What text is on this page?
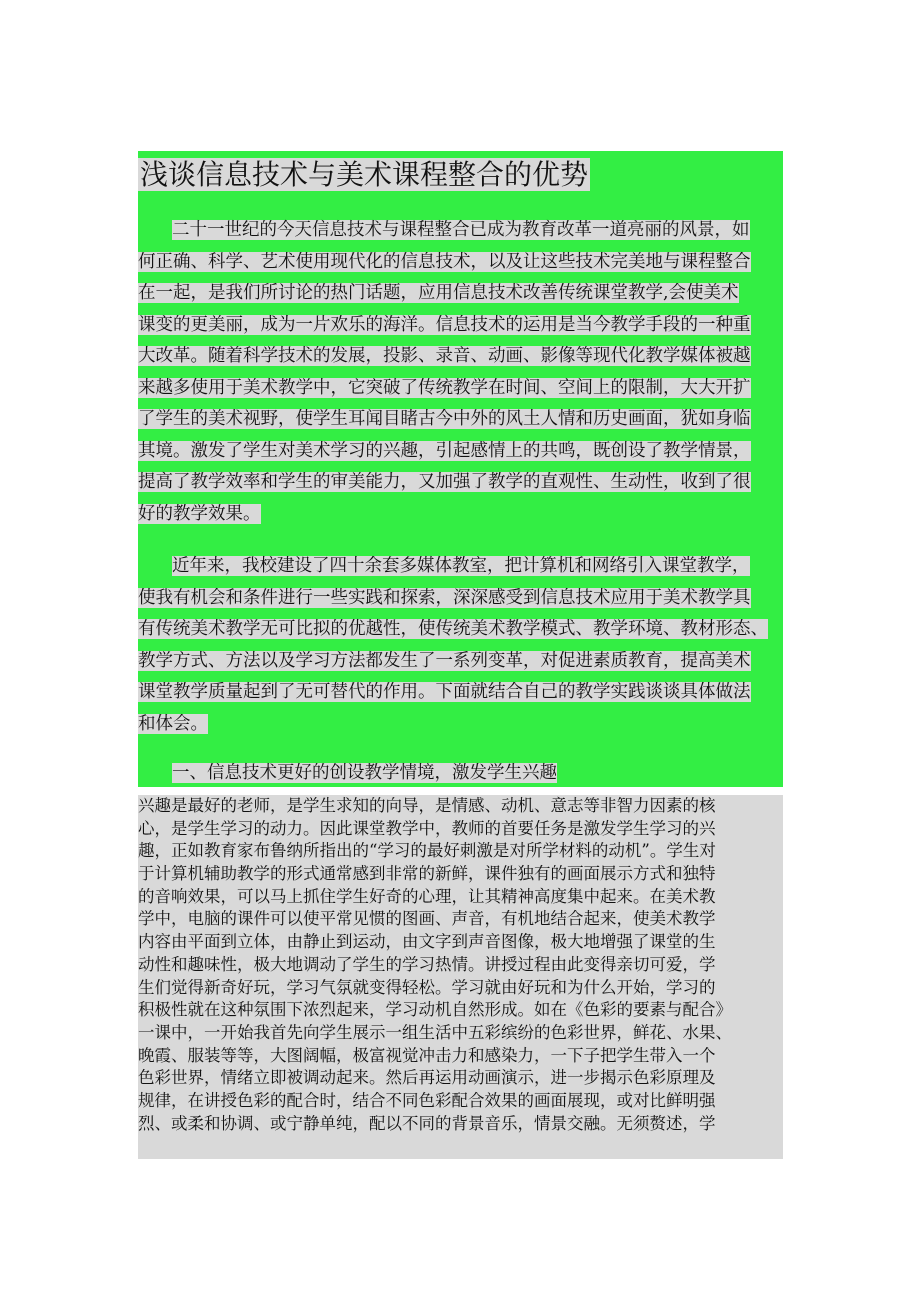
浅谈信息技术与美术课程整合的优势
二十一世纪的今天信息技术与课程整合已成为教育改革一道亮丽的风景，如
何正确、科学、艺术使用现代化的信息技术，以及让这些技术完美地与课程整合
在一起，是我们所讨论的热门话题，应用信息技术改善传统课堂教学,会使美术
课变的更美丽，成为一片欢乐的海洋。信息技术的运用是当今教学手段的一种重
大改革。随着科学技术的发展，投影、录音、动画、影像等现代化教学媒体被越
来越多使用于美术教学中，它突破了传统教学在时间、空间上的限制，大大开扩
了学生的美术视野，使学生耳闻目睹古今中外的风土人情和历史画面，犹如身临
其境。激发了学生对美术学习的兴趣，引起感情上的共鸣，既创设了教学情景，
提高了教学效率和学生的审美能力，又加强了教学的直观性、生动性，收到了很
好的教学效果。
近年来，我校建设了四十余套多媒体教室，把计算机和网络引入课堂教学，
使我有机会和条件进行一些实践和探索，深深感受到信息技术应用于美术教学具
有传统美术教学无可比拟的优越性，使传统美术教学模式、教学环境、教材形态、
教学方式、方法以及学习方法都发生了一系列变革，对促进素质教育，提高美术
课堂教学质量起到了无可替代的作用。下面就结合自己的教学实践谈谈具体做法
和体会。
一、信息技术更好的创设教学情境，激发学生兴趣
兴趣是最好的老师，是学生求知的向导，是情感、动机、意志等非智力因素的核
心，是学生学习的动力。因此课堂教学中，教师的首要任务是激发学生学习的兴
趣，正如教育家布鲁纳所指出的“学习的最好刺激是对所学材料的动机”。学生对
于计算机辅助教学的形式通常感到非常的新鲜，课件独有的画面展示方式和独特
的音响效果，可以马上抓住学生好奇的心理，让其精神高度集中起来。在美术教
学中，电脑的课件可以使平常见惯的图画、声音，有机地结合起来，使美术教学
内容由平面到立体，由静止到运动，由文字到声音图像，极大地增强了课堂的生
动性和趣味性，极大地调动了学生的学习热情。讲授过程由此变得亲切可爱，学
生们觉得新奇好玩，学习气氛就变得轻松。学习就由好玩和为什么开始，学习的
积极性就在这种氛围下浓烈起来，学习动机自然形成。如在《色彩的要素与配合》
一课中，一开始我首先向学生展示一组生活中五彩缤纷的色彩世界，鲜花、水果、
晚霞、服装等等，大图阔幅，极富视觉冲击力和感染力，一下子把学生带入一个
色彩世界，情绪立即被调动起来。然后再运用动画演示，进一步揭示色彩原理及
规律，在讲授色彩的配合时，结合不同色彩配合效果的画面展现，或对比鲜明强
烈、或柔和协调、或宁静单纯，配以不同的背景音乐，情景交融。无须赘述，学
